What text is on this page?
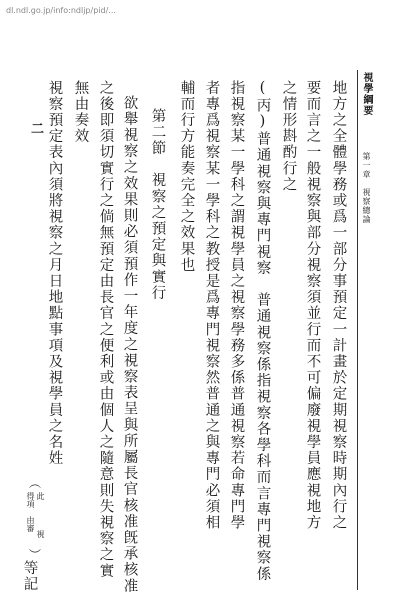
dl.ndl.go.jp/info:ndljp/pid/...
視學綱要
第一章　視察總論
二	地方之全體學務或爲一部分事預定一計畫於定期視察時期內行之
要而言之一般視察與部分視察須並行而不可偏廢視學員應視地方
之情形斟酌行之
(丙)普通視察與專門視察　普通視察係指視察各學科而言專門視察係
指視察某一學科之謂視學員之視察學務多係普通視察若命專門學
者專爲視察某一學科之教授是爲專門視察然普通之與專門必須相
輔而行方能奏完全之效果也
第二節　視察之預定與實行
欲舉視察之效果則必須預作一年度之視察表呈與所屬長官核准旣承核准
之後即須切實行之倘無預定由長官之便利或由個人之隨意則失視察之實
無由奏效
視察預定表內須將視察之月日地點事項及視學員之名姓
等記
︵
此
得項
由審
視
︶
